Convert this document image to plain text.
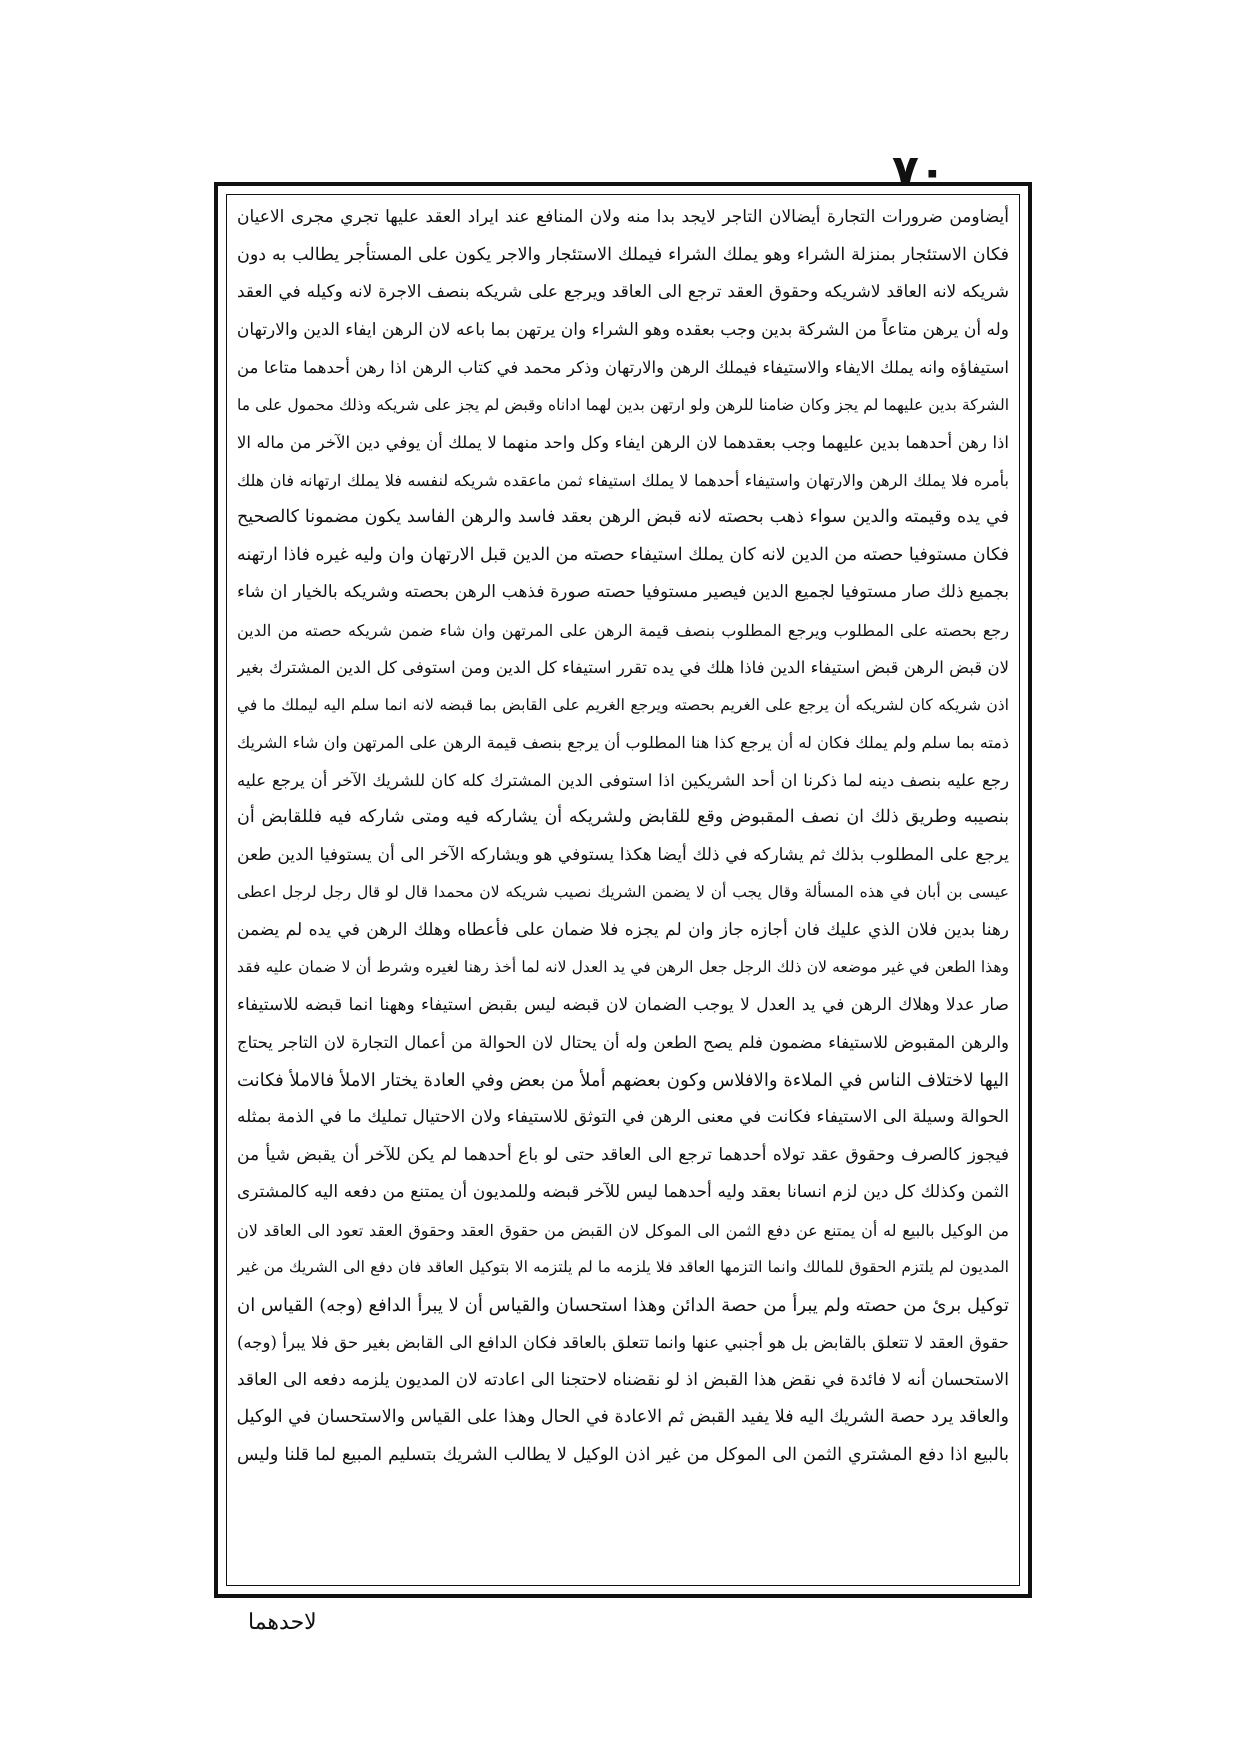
٧٠
أيضاومن ضرورات التجارة أيضالان التاجر لايجد بدا منه ولان المنافع عند ايراد العقد عليها تجري مجرى الاعيان
فكان الاستئجار بمنزلة الشراء وهو يملك الشراء فيملك الاستئجار والاجر يكون على المستأجر يطالب به دون
شريكه لانه العاقد لاشريكه وحقوق العقد ترجع الى العاقد ويرجع على شريكه بنصف الاجرة لانه وكيله في العقد
وله أن يرهن متاعاً من الشركة بدين وجب بعقده وهو الشراء وان يرتهن بما باعه لان الرهن ايفاء الدين والارتهان
استيفاؤه وانه يملك الايفاء والاستيفاء فيملك الرهن والارتهان وذكر محمد في كتاب الرهن اذا رهن أحدهما متاعا من
الشركة بدين عليهما لم يجز وكان ضامنا للرهن ولو ارتهن بدين لهما اداناه وقبض لم يجز على شريكه وذلك محمول على ما
اذا رهن أحدهما بدين عليهما وجب بعقدهما لان الرهن ايفاء وكل واحد منهما لا يملك أن يوفي دين الآخر من ماله الا
بأمره فلا يملك الرهن والارتهان واستيفاء أحدهما لا يملك استيفاء ثمن ماعقده شريكه لنفسه فلا يملك ارتهانه فان هلك
في يده وقيمته والدين سواء ذهب بحصته لانه قبض الرهن بعقد فاسد والرهن الفاسد يكون مضمونا كالصحيح
فكان مستوفيا حصته من الدين لانه كان يملك استيفاء حصته من الدين قبل الارتهان وان وليه غيره فاذا ارتهنه
بجميع ذلك صار مستوفيا لجميع الدين فيصير مستوفيا حصته صورة فذهب الرهن بحصته وشريكه بالخيار ان شاء
رجع بحصته على المطلوب ويرجع المطلوب بنصف قيمة الرهن على المرتهن وان شاء ضمن شريكه حصته من الدين
لان قبض الرهن قبض استيفاء الدين فاذا هلك في يده تقرر استيفاء كل الدين ومن استوفى كل الدين المشترك بغير
اذن شريكه كان لشريكه أن يرجع على الغريم بحصته ويرجع الغريم على القابض بما قبضه لانه انما سلم اليه ليملك ما في
ذمته بما سلم ولم يملك فكان له أن يرجع كذا هنا المطلوب أن يرجع بنصف قيمة الرهن على المرتهن وان شاء الشريك
رجع عليه بنصف دينه لما ذكرنا ان أحد الشريكين اذا استوفى الدين المشترك كله كان للشريك الآخر أن يرجع عليه
بنصيبه وطريق ذلك ان نصف المقبوض وقع للقابض ولشريكه أن يشاركه فيه ومتى شاركه فيه فللقابض أن
يرجع على المطلوب بذلك ثم يشاركه في ذلك أيضا هكذا يستوفي هو ويشاركه الآخر الى أن يستوفيا الدين طعن
عيسى بن أبان في هذه المسألة وقال يجب أن لا يضمن الشريك نصيب شريكه لان محمدا قال لو قال رجل لرجل اعطى
رهنا بدين فلان الذي عليك فان أجازه جاز وان لم يجزه فلا ضمان على فأعطاه وهلك الرهن في يده لم يضمن
وهذا الطعن في غير موضعه لان ذلك الرجل جعل الرهن في يد العدل لانه لما أخذ رهنا لغيره وشرط أن لا ضمان عليه فقد
صار عدلا وهلاك الرهن في يد العدل لا يوجب الضمان لان قبضه ليس بقبض استيفاء وههنا انما قبضه للاستيفاء
والرهن المقبوض للاستيفاء مضمون فلم يصح الطعن وله أن يحتال لان الحوالة من أعمال التجارة لان التاجر يحتاج
اليها لاختلاف الناس في الملاءة والافلاس وكون بعضهم أملأ من بعض وفي العادة يختار الاملأ فالاملأ فكانت
الحوالة وسيلة الى الاستيفاء فكانت في معنى الرهن في التوثق للاستيفاء ولان الاحتيال تمليك ما في الذمة بمثله
فيجوز كالصرف وحقوق عقد تولاه أحدهما ترجع الى العاقد حتى لو باع أحدهما لم يكن للآخر أن يقبض شيأ من
الثمن وكذلك كل دين لزم انسانا بعقد وليه أحدهما ليس للآخر قبضه وللمديون أن يمتنع من دفعه اليه كالمشترى
من الوكيل بالبيع له أن يمتنع عن دفع الثمن الى الموكل لان القبض من حقوق العقد وحقوق العقد تعود الى العاقد لان
المديون لم يلتزم الحقوق للمالك وانما التزمها العاقد فلا يلزمه ما لم يلتزمه الا بتوكيل العاقد فان دفع الى الشريك من غير
توكيل برئ من حصته ولم يبرأ من حصة الدائن وهذا استحسان والقياس أن لا يبرأ الدافع (وجه) القياس ان
حقوق العقد لا تتعلق بالقابض بل هو أجنبي عنها وانما تتعلق بالعاقد فكان الدافع الى القابض بغير حق فلا يبرأ (وجه)
الاستحسان أنه لا فائدة في نقض هذا القبض اذ لو نقضناه لاحتجنا الى اعادته لان المديون يلزمه دفعه الى العاقد
والعاقد يرد حصة الشريك اليه فلا يفيد القبض ثم الاعادة في الحال وهذا على القياس والاستحسان في الوكيل
بالبيع اذا دفع المشتري الثمن الى الموكل من غير اذن الوكيل لا يطالب الشريك بتسليم المبيع لما قلنا وليس
لاحدهما
